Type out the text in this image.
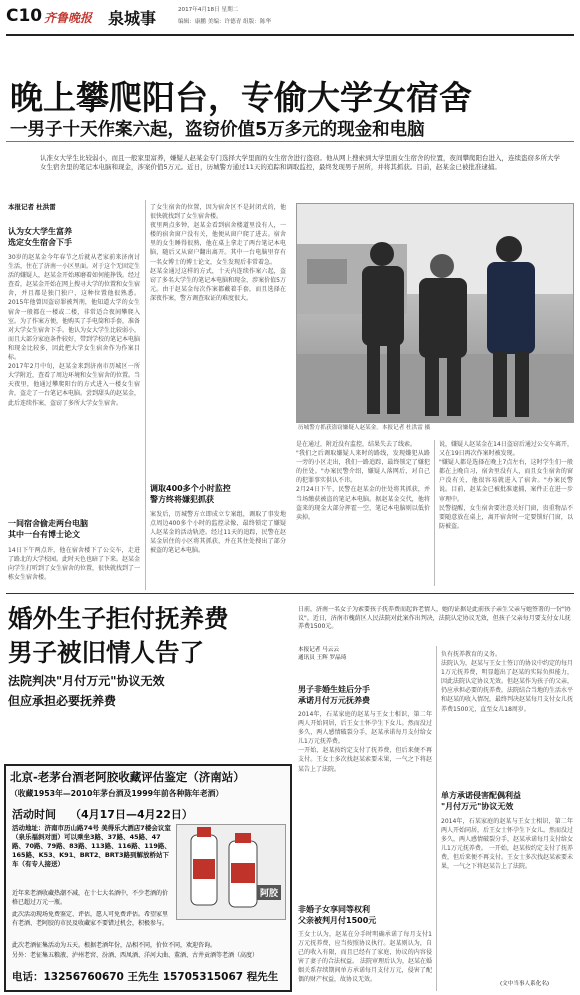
C10 齐鲁晚报 泉城事	2017年4月18日 星期二
编辑：康鹏 美编：许德青 组版：陈华
晚上攀爬阳台，专偷大学女宿舍
一男子十天作案六起，盗窃价值5万多元的现金和电脑
认准女大学生比较弱小，而且一般家里富养，嫌疑人赵某金专门选择大学里面的女生宿舍进行盗窃。他从网上搜索到大学里面女生宿舍的位置，夜间攀爬阳台进入，连续盗窃多所大学女生宿舍里的笔记本电脑和现金，涉案价值5万元。近日，历城警方通过11天的追踪和调取监控，最终发现男子居所，并将其抓获。目前，赵某金已被批准逮捕。
本报记者 杜洪雷
认为女大学生富养
选定女生宿舍下手
30岁的赵某金今年春节之后就从老家前来济南讨生活，住在了济南一小区里面。对于这个无固定生活的嫌疑人，赵某金开始琢磨着如何能挣钱。经过查看，赵某金开始在网上搜寻大学的位置和女生宿舍，并且都是独门独户，这种位置他很熟悉。2015年他曾因盗窃罪被判刑，他知道大学的女生宿舍一般都在一楼或二楼，非常适合夜间攀爬入室。为了作案方便，他购买了手电筒和手套，准备对大学女生宿舍下手。他认为女大学生比较弱小，而且大部分家庭条件较好，带到学校的笔记本电脑和现金比较多，因此把大学女生宿舍作为作案目标。
2017年2月中旬，赵某金来到济南市历城区一所大学附近，查看了周边环境和女生宿舍的位置。当天夜里，他通过攀爬阳台的方式进入一楼女生宿舍，盗走了一台笔记本电脑。尝到甜头的赵某金，此后连续作案，盗窃了多所大学女生宿舍。
一间宿舍偷走两台电脑
其中一台有博士论文
14日下午两点许，他在宿舍楼下了公交车，走进了路北的大学校园。此时天色也暗了下来。赵某金向学生打听到了女生宿舍的位置，很快就找到了一栋女生宿舍楼。
了女生宿舍的位置，因为宿舍区不是封闭式的，他很快就找到了女生宿舍楼。
夜里两点多钟，赵某金看到宿舍楼道里没有人，一楼的宿舍窗户没有关，他便从窗户爬了进去。宿舍里的女生睡得很熟，他在桌上拿走了两台笔记本电脑，随后又从窗户翻出离开。其中一台电脑里存有一名女博士的博士论文，女生发现后非常着急。
赵某金通过这样的方式，十天内连续作案六起，盗窃了多名大学生的笔记本电脑和现金，涉案价值5万元。由于赵某金每次作案都戴着手套，而且选择在深夜作案，警方调查取证的难度很大。
调取400多个小时监控
警方终将嫌犯抓获
案发后，历城警方立即成立专案组，调取了事发地点周边400多个小时的监控录像，最终锁定了嫌疑人赵某金的活动轨迹。经过11天的追踪，民警在赵某金居住的小区将其抓获，并在其住处搜出了部分被盗的笔记本电脑。
历城警方抓获盗窃嫌疑人赵某金。本报记者 杜洪雷 摄
是在通过，附近没有监控，结果失去了线索。
"我们之后调取嫌疑人来时的路线，发现嫌犯从路一旁的小区走出，我们一路追踪，最终锁定了嫌犯的住处。"办案民警介绍，嫌疑人落网后，对自己的犯罪事实供认不讳。
2月24日下午，民警在赵某金的住处将其抓获，并当场缴获被盗的笔记本电脑。据赵某金交代，他将盗来的现金大部分挥霍一空，笔记本电脑则以低价卖掉。
说，嫌疑人赵某金在14日盗窃后通过公交车离开，又在19日再次作案时被发现。
"嫌疑人都是选择在晚上7点左右，这时学生们一般都在上晚自习，宿舍里没有人，而且女生宿舍的窗户没有关，他很容易就进入了宿舍。"办案民警说。目前，赵某金已被批准逮捕，案件正在进一步审理中。
民警提醒，女生宿舍要注意关好门窗，贵重物品不要随意放在桌上，离开宿舍时一定要锁好门窗，以防被盗。
婚外生子拒付抚养费
男子被旧情人告了
法院判决"月付万元"协议无效
但应承担必要抚养费
日前，济南一名女子为索要孩子抚养费而起诉老情人，她的证据是此前孩子亲生父亲与她签署的一份"协议"。近日，济南市槐荫区人民法院对此案作出判决，法院认定协议无效，但孩子父亲每月要支付女儿抚养费1500元。
本报记者 马云云
通讯员 王辉 罗晶琦
男子非婚生娃后分手
承诺月付万元抚养费
2014年，石某家庭的赵某与王女士相识，第二年两人开始同居，后王女士怀孕生下女儿。然而没过多久，两人感情破裂分手，赵某承诺每月支付给女儿1万元抚养费。
一开始，赵某按约定支付了抚养费，但后来便不再支付。王女士多次找赵某索要未果，一气之下将赵某告上了法院。
非婚子女享同等权利
父亲被判月付1500元
王女士认为，赵某在分手时明确承诺了每月支付1万元抚养费，应当按照协议执行。赵某则认为，自己的收入有限，而且已经有了家庭，协议的内容侵害了妻子的合法权益。 法院审理后认为，赵某在婚姻关系存续期间单方承诺每月支付万元，侵害了配偶的财产权益，故协议无效。
负有抚养教育的义务。
法院认为，赵某与王女士签订的协议中约定的每月1万元抚养费，明显超出了赵某的实际负担能力，因此法院认定协议无效。但赵某作为孩子的父亲，仍应承担必要的抚养费。法院结合当地的生活水平和赵某的收入情况，最终判决赵某每月支付女儿抚养费1500元，直至女儿18周岁。
单方承诺侵害配偶利益
"月付万元"协议无效
2014年，石某家庭的赵某与王女士相识，第二年两人开始同居，后王女士怀孕生下女儿。然而没过多久，两人感情破裂分手，赵某承诺每月支付给女儿1万元抚养费。 一开始，赵某按约定支付了抚养费，但后来便不再支付。王女士多次找赵某索要未果，一气之下将赵某告上了法院。
(文中当事人系化名)
北京-老茅台酒老阿胶收藏评估鉴定（济南站）
（收藏1953年—2010年茅台酒及1999年前各种陈年老酒）
活动时间 （4月17日—4月22日）
活动地址：济南市历山路74号 美得乐大酒店7楼会议室（泉乐福斜对面）可以乘坐3路、37路、45路、47路、70路、79路、83路、113路、116路、119路、165路、K53、K91、BRT2、BRT3路到解放桥站下车（有专人接送）
阿胶
近年来老酒收藏热潮不减，在十七大名酒中，不少老酒的价格已超过万元一瓶。
此次活动现场免费鉴定、评估，愿人可免费评估。希望家里有老酒、老阿胶的市民及收藏家不要错过机会，积极参与。
此次老酒征集活动为五天。根据老酒年份，品相不同，价位不同，欢迎咨询。
另外：老征集五粮液、泸州老窖、汾酒、西凤酒、洋河大曲、董酒、古井贡酒等老酒（高度）
电话：13256760670 王先生 15705315067 程先生
